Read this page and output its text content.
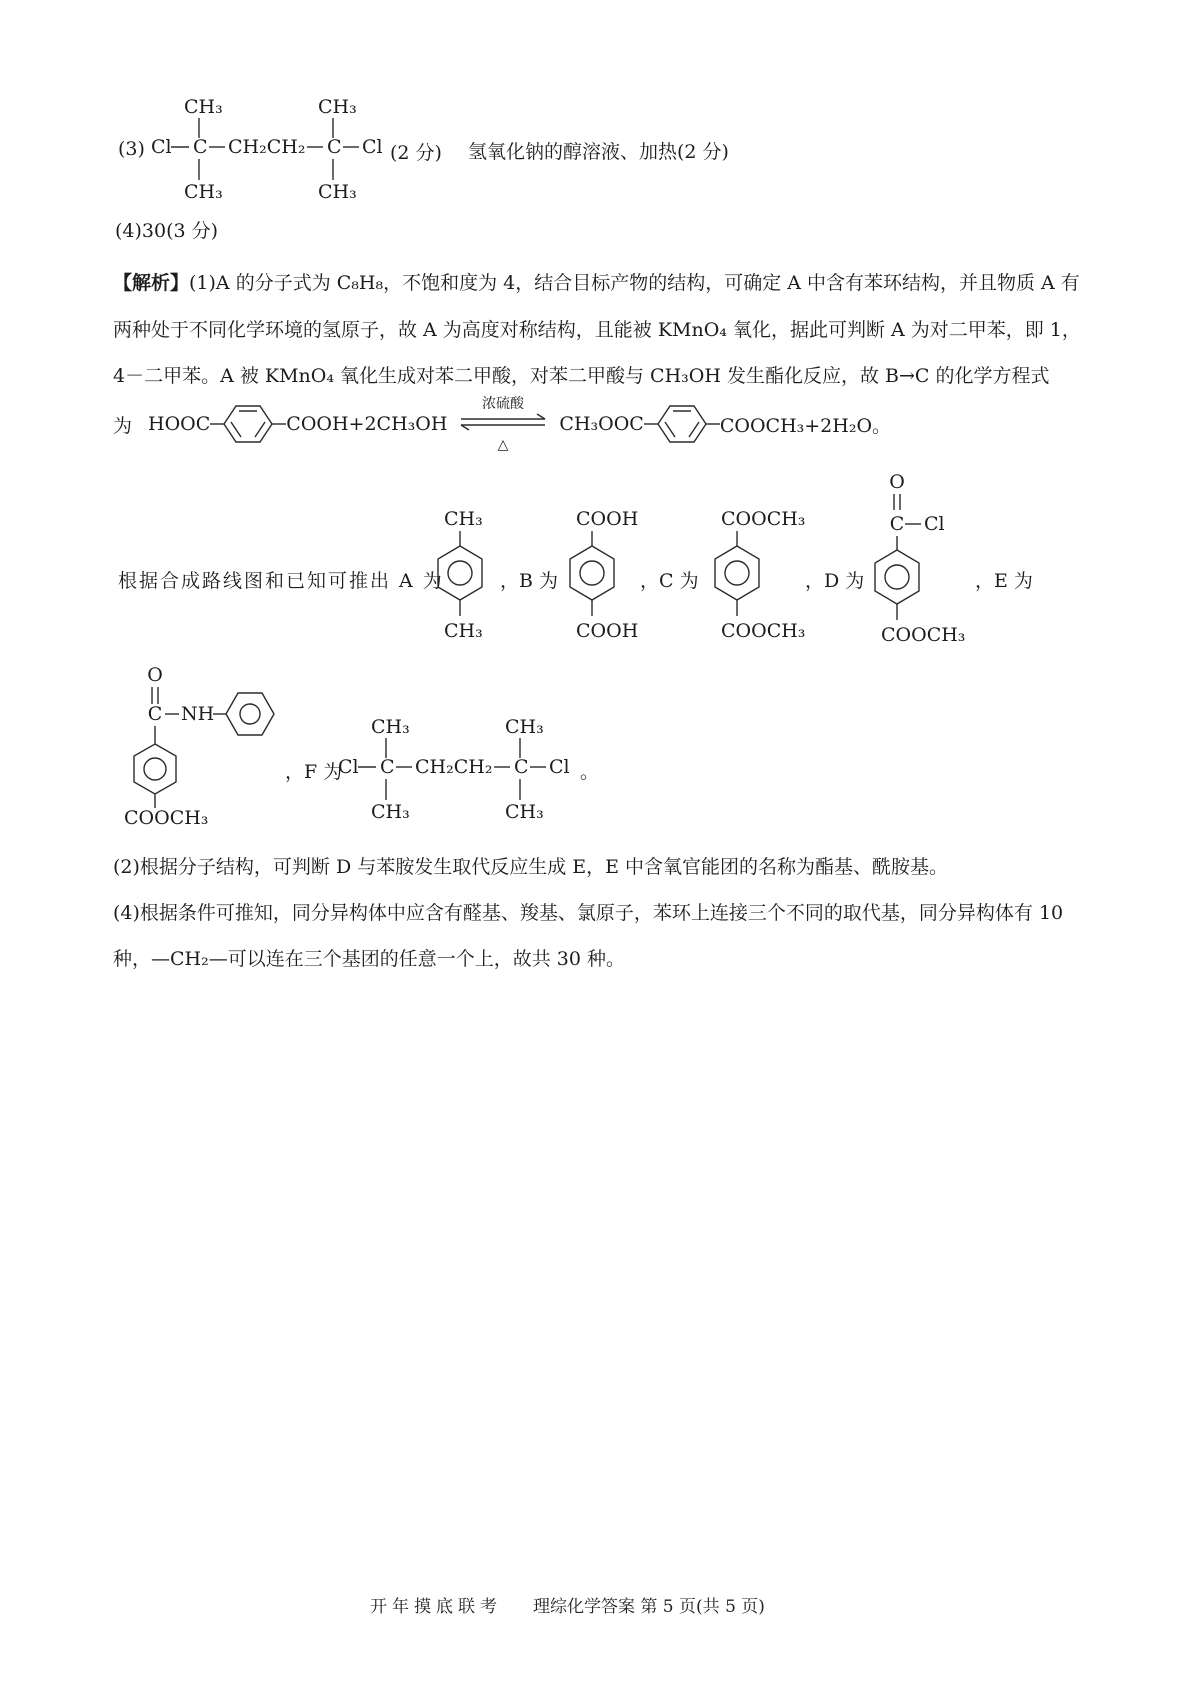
(3) Cl C
CH₃
CH₃
CH₂CH₂ C
CH₃
CH₃
Cl (2 分) 氢氧化钠的醇溶液、加热(2 分)
(4)30(3 分)
【解析】(1)A 的分子式为 C₈H₈，不饱和度为 4，结合目标产物的结构，可确定 A 中含有苯环结构，并且物质 A 有
两种处于不同化学环境的氢原子，故 A 为高度对称结构，且能被 KMnO₄ 氧化，据此可判断 A 为对二甲苯，即 1，
4－二甲苯。A 被 KMnO₄ 氧化生成对苯二甲酸，对苯二甲酸与 CH₃OH 发生酯化反应，故 B→C 的化学方程式
为 HOOC	COOH+2CH₃OH
浓硫酸
△
CH₃OOC	COOCH₃+2H₂O。
根据合成路线图和已知可推出 A 为
CH₃
CH₃
，B 为
COOH
COOH
，C 为
COOCH₃
COOCH₃
，D 为
O
C Cl
COOCH₃
，E 为
O
C NH
COOCH₃
，F 为
Cl C
CH₃
CH₃
CH₂CH₂ C
CH₃
CH₃
Cl 。
(2)根据分子结构，可判断 D 与苯胺发生取代反应生成 E，E 中含氧官能团的名称为酯基、酰胺基。
(4)根据条件可推知，同分异构体中应含有醛基、羧基、氯原子，苯环上连接三个不同的取代基，同分异构体有 10
种，—CH₂—可以连在三个基团的任意一个上，故共 30 种。
开年摸底联考 理综化学答案 第 5 页(共 5 页)
